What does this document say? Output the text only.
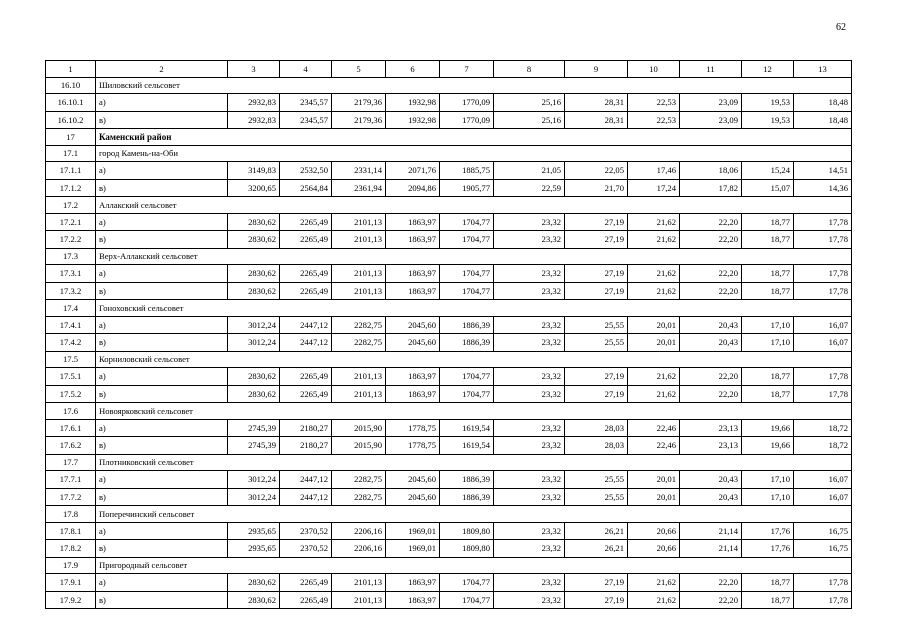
62
1	2	3	4	5	6	7	8	9	10	11	12	13
16.10	Шиловский сельсовет											
16.10.1	а)	2932,83	2345,57	2179,36	1932,98	1770,09	25,16	28,31	22,53	23,09	19,53	18,48
16.10.2	в)	2932,83	2345,57	2179,36	1932,98	1770,09	25,16	28,31	22,53	23,09	19,53	18,48
17	Каменский район											
17.1	город Камень-на-Оби											
17.1.1	а)	3149,83	2532,50	2331,14	2071,76	1885,75	21,05	22,05	17,46	18,06	15,24	14,51
17.1.2	в)	3200,65	2564,84	2361,94	2094,86	1905,77	22,59	21,70	17,24	17,82	15,07	14,36
17.2	Аллакский сельсовет											
17.2.1	а)	2830,62	2265,49	2101,13	1863,97	1704,77	23,32	27,19	21,62	22,20	18,77	17,78
17.2.2	в)	2830,62	2265,49	2101,13	1863,97	1704,77	23,32	27,19	21,62	22,20	18,77	17,78
17.3	Верх-Аллакский сельсовет											
17.3.1	а)	2830,62	2265,49	2101,13	1863,97	1704,77	23,32	27,19	21,62	22,20	18,77	17,78
17.3.2	в)	2830,62	2265,49	2101,13	1863,97	1704,77	23,32	27,19	21,62	22,20	18,77	17,78
17.4	Гоноховский сельсовет											
17.4.1	а)	3012,24	2447,12	2282,75	2045,60	1886,39	23,32	25,55	20,01	20,43	17,10	16,07
17.4.2	в)	3012,24	2447,12	2282,75	2045,60	1886,39	23,32	25,55	20,01	20,43	17,10	16,07
17.5	Корниловский сельсовет											
17.5.1	а)	2830,62	2265,49	2101,13	1863,97	1704,77	23,32	27,19	21,62	22,20	18,77	17,78
17.5.2	в)	2830,62	2265,49	2101,13	1863,97	1704,77	23,32	27,19	21,62	22,20	18,77	17,78
17.6	Новоярковский сельсовет											
17.6.1	а)	2745,39	2180,27	2015,90	1778,75	1619,54	23,32	28,03	22,46	23,13	19,66	18,72
17.6.2	в)	2745,39	2180,27	2015,90	1778,75	1619,54	23,32	28,03	22,46	23,13	19,66	18,72
17.7	Плотниковский сельсовет											
17.7.1	а)	3012,24	2447,12	2282,75	2045,60	1886,39	23,32	25,55	20,01	20,43	17,10	16,07
17.7.2	в)	3012,24	2447,12	2282,75	2045,60	1886,39	23,32	25,55	20,01	20,43	17,10	16,07
17.8	Поперечинский сельсовет											
17.8.1	а)	2935,65	2370,52	2206,16	1969,01	1809,80	23,32	26,21	20,66	21,14	17,76	16,75
17.8.2	в)	2935,65	2370,52	2206,16	1969,01	1809,80	23,32	26,21	20,66	21,14	17,76	16,75
17.9	Пригородный сельсовет											
17.9.1	а)	2830,62	2265,49	2101,13	1863,97	1704,77	23,32	27,19	21,62	22,20	18,77	17,78
17.9.2	в)	2830,62	2265,49	2101,13	1863,97	1704,77	23,32	27,19	21,62	22,20	18,77	17,78
